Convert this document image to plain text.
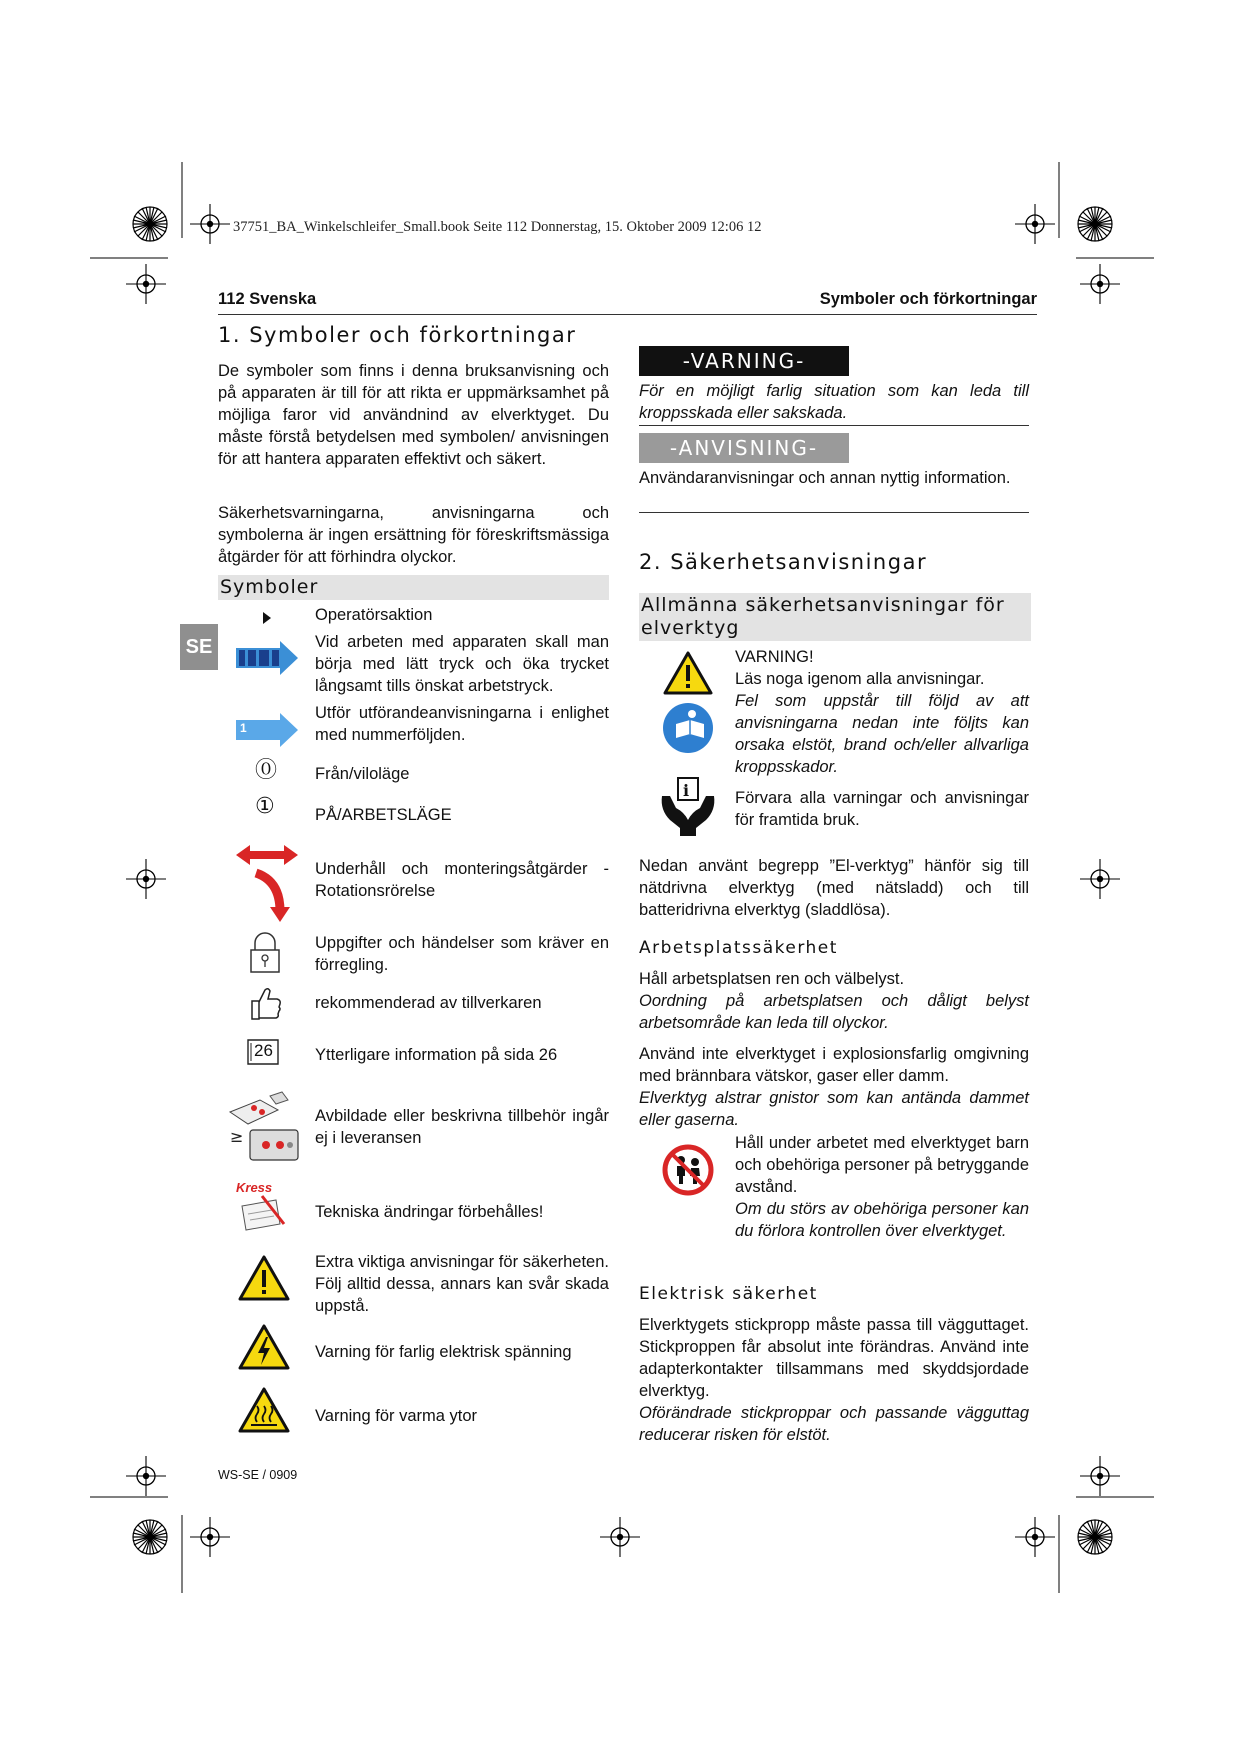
37751_BA_Winkelschleifer_Small.book Seite 112 Donnerstag, 15. Oktober 2009 12:06 12
112 Svenska	Symboler och förkortningar
SE
1. Symboler och förkortningar
De symboler som finns i denna bruksanvisning och på apparaten är till för att rikta er uppmärksamhet på möjliga faror vid användnind av elverktyget. Du måste förstå betydelsen med symbolen/ anvisningen för att hantera apparaten effektivt och säkert.
Säkerhetsvarningarna, anvisningarna och symbolerna är ingen ersättning för föreskriftsmässiga åtgärder för att förhindra olyckor.
Symboler
Operatörsaktion
Vid arbeten med apparaten skall man börja med lätt tryck och öka trycket långsamt tills önskat arbetstryck.
1
Utför utförandeanvisningarna i enlighet med nummerföljden.
⓪ Från/viloläge
① PÅ/ARBETSLÄGE
Underhåll och monteringsåtgärder - Rotationsrörelse
Uppgifter och händelser som kräver en förregling.
rekommenderad av tillverkaren
26	Ytterligare information på sida 26
≥
Avbildade eller beskrivna tillbehör ingår ej i leveransen
Kress
Tekniska ändringar förbehålles!
Extra viktiga anvisningar för säkerheten. Följ alltid dessa, annars kan svår skada uppstå.
Varning för farlig elektrisk spänning
Varning för varma ytor
WS-SE / 0909
-VARNING-
För en möjligt farlig situation som kan leda till kroppsskada eller sakskada.
-ANVISNING-
Användaranvisningar och annan nyttig information.
2. Säkerhetsanvisningar
Allmänna säkerhetsanvisningar för elverktyg

VARNING!

Läs noga igenom alla anvisningar.

Fel som uppstår till följd av att anvisningarna nedan inte följts kan orsaka elstöt, brand och/eller allvarliga kroppsskador.

i	Förvara alla varningar och anvisningar för framtida bruk.
Nedan använt begrepp ”El-verktyg” hänför sig till nätdrivna elverktyg (med nätsladd) och till batteridrivna elverktyg (sladdlösa).
Arbetsplatssäkerhet

Håll arbetsplatsen ren och välbelyst.

Oordning på arbetsplatsen och dåligt belyst arbetsområde kan leda till olyckor.

Använd inte elverktyget i explosionsfarlig omgivning med brännbara vätskor, gaser eller damm.

Elverktyg alstrar gnistor som kan antända dammet eller gaserna.

Håll under arbetet med elverktyget barn och obehöriga personer på betryggande avstånd.

Om du störs av obehöriga personer kan du förlora kontrollen över elverktyget.

Elektrisk säkerhet

Elverktygets stickpropp måste passa till vägguttaget. Stickproppen får absolut inte förändras. Använd inte adapterkontakter tillsammans med skyddsjordade elverktyg.

Oförändrade stickproppar och passande vägguttag reducerar risken för elstöt.
